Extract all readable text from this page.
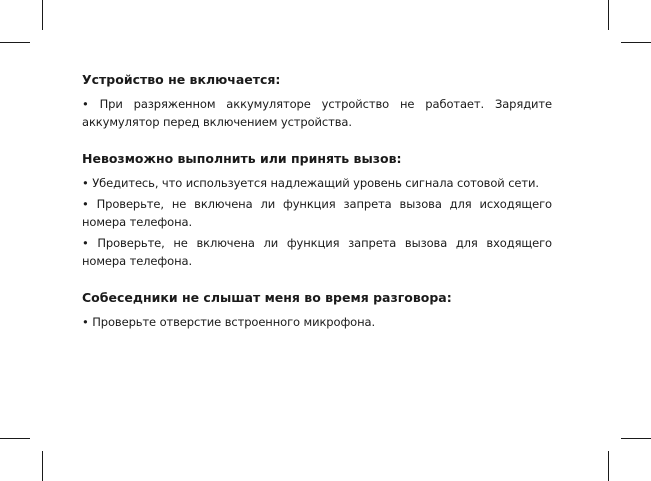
Устройство не включается:

• При разряженном аккумуляторе устройство не работает. Зарядите аккумулятор перед включением устройства.

Невозможно выполнить или принять вызов:

• Убедитесь, что используется надлежащий уровень сигнала сотовой сети.

• Проверьте, не включена ли функция запрета вызова для исходящего номера телефона.

• Проверьте, не включена ли функция запрета вызова для входящего номера телефона.

Собеседники не слышат меня во время разговора:

• Проверьте отверстие встроенного микрофона.
